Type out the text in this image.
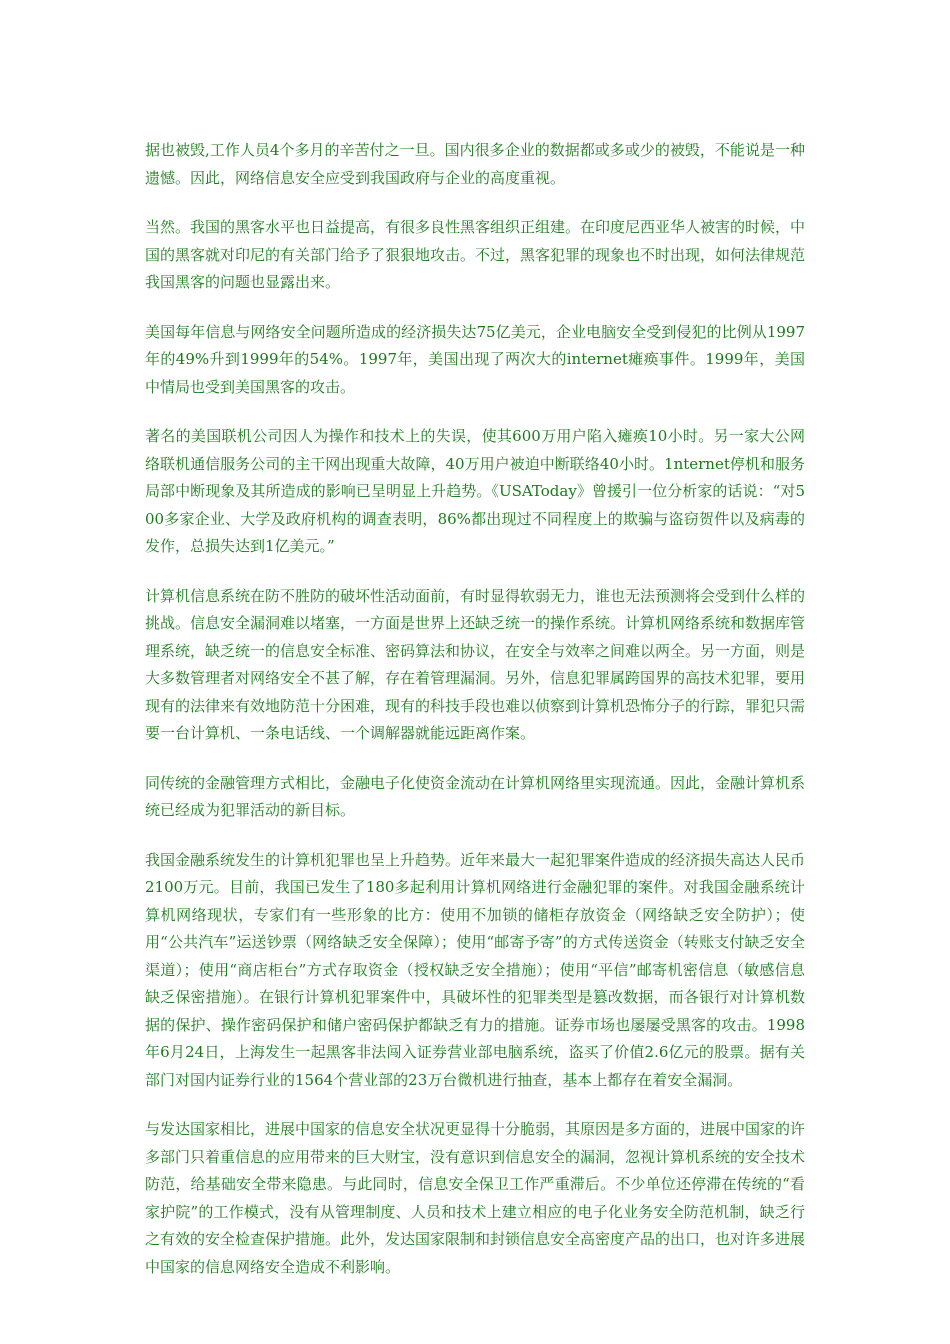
据也被毁,工作人员4个多月的辛苦付之一旦。国内很多企业的数据都或多或少的被毁，不能说是一种遗憾。因此，网络信息安全应受到我国政府与企业的高度重视。

当然。我国的黑客水平也日益提高，有很多良性黑客组织正组建。在印度尼西亚华人被害的时候，中国的黑客就对印尼的有关部门给予了狠狠地攻击。不过，黑客犯罪的现象也不时出现，如何法律规范我国黑客的问题也显露出来。

美国每年信息与网络安全问题所造成的经济损失达75亿美元，企业电脑安全受到侵犯的比例从1997年的49%升到1999年的54%。1997年，美国出现了两次大的internet瘫痪事件。1999年，美国中情局也受到美国黑客的攻击。

著名的美国联机公司因人为操作和技术上的失误，使其600万用户陷入瘫痪10小时。另一家大公网络联机通信服务公司的主干网出现重大故障，40万用户被迫中断联络40小时。1nternet停机和服务局部中断现象及其所造成的影响已呈明显上升趋势。《USAToday》曾援引一位分析家的话说：“对500多家企业、大学及政府机构的调查表明，86%都出现过不同程度上的欺骗与盗窃贺件以及病毒的发作，总损失达到1亿美元。”

计算机信息系统在防不胜防的破坏性活动面前，有时显得软弱无力，谁也无法预测将会受到什么样的挑战。信息安全漏洞难以堵塞，一方面是世界上还缺乏统一的操作系统。计算机网络系统和数据库管理系统，缺乏统一的信息安全标准、密码算法和协议，在安全与效率之间难以两全。另一方面，则是大多数管理者对网络安全不甚了解，存在着管理漏洞。另外，信息犯罪属跨国界的高技术犯罪，要用现有的法律来有效地防范十分困难，现有的科技手段也难以侦察到计算机恐怖分子的行踪，罪犯只需要一台计算机、一条电话线、一个调解器就能远距离作案。

同传统的金融管理方式相比，金融电子化使资金流动在计算机网络里实现流通。因此，金融计算机系统已经成为犯罪活动的新目标。

我国金融系统发生的计算机犯罪也呈上升趋势。近年来最大一起犯罪案件造成的经济损失高达人民币2100万元。目前，我国已发生了180多起利用计算机网络进行金融犯罪的案件。对我国金融系统计算机网络现状，专家们有一些形象的比方：使用不加锁的储柜存放资金（网络缺乏安全防护）；使用“公共汽车”运送钞票（网络缺乏安全保障）；使用“邮寄予寄”的方式传送资金（转账支付缺乏安全渠道）；使用“商店柜台”方式存取资金（授权缺乏安全措施）；使用“平信”邮寄机密信息（敏感信息缺乏保密措施）。在银行计算机犯罪案件中，具破坏性的犯罪类型是篡改数据，而各银行对计算机数据的保护、操作密码保护和储户密码保护都缺乏有力的措施。证券市场也屡屡受黑客的攻击。1998年6月24日，上海发生一起黑客非法闯入证券营业部电脑系统，盗买了价值2.6亿元的股票。据有关部门对国内证券行业的1564个营业部的23万台微机进行抽查，基本上都存在着安全漏洞。

与发达国家相比，进展中国家的信息安全状况更显得十分脆弱，其原因是多方面的，进展中国家的许多部门只着重信息的应用带来的巨大财宝，没有意识到信息安全的漏洞，忽视计算机系统的安全技术防范，给基础安全带来隐患。与此同时，信息安全保卫工作严重滞后。不少单位还停滞在传统的“看家护院”的工作模式，没有从管理制度、人员和技术上建立相应的电子化业务安全防范机制，缺乏行之有效的安全检查保护措施。此外，发达国家限制和封锁信息安全高密度产品的出口，也对许多进展中国家的信息网络安全造成不利影响。
